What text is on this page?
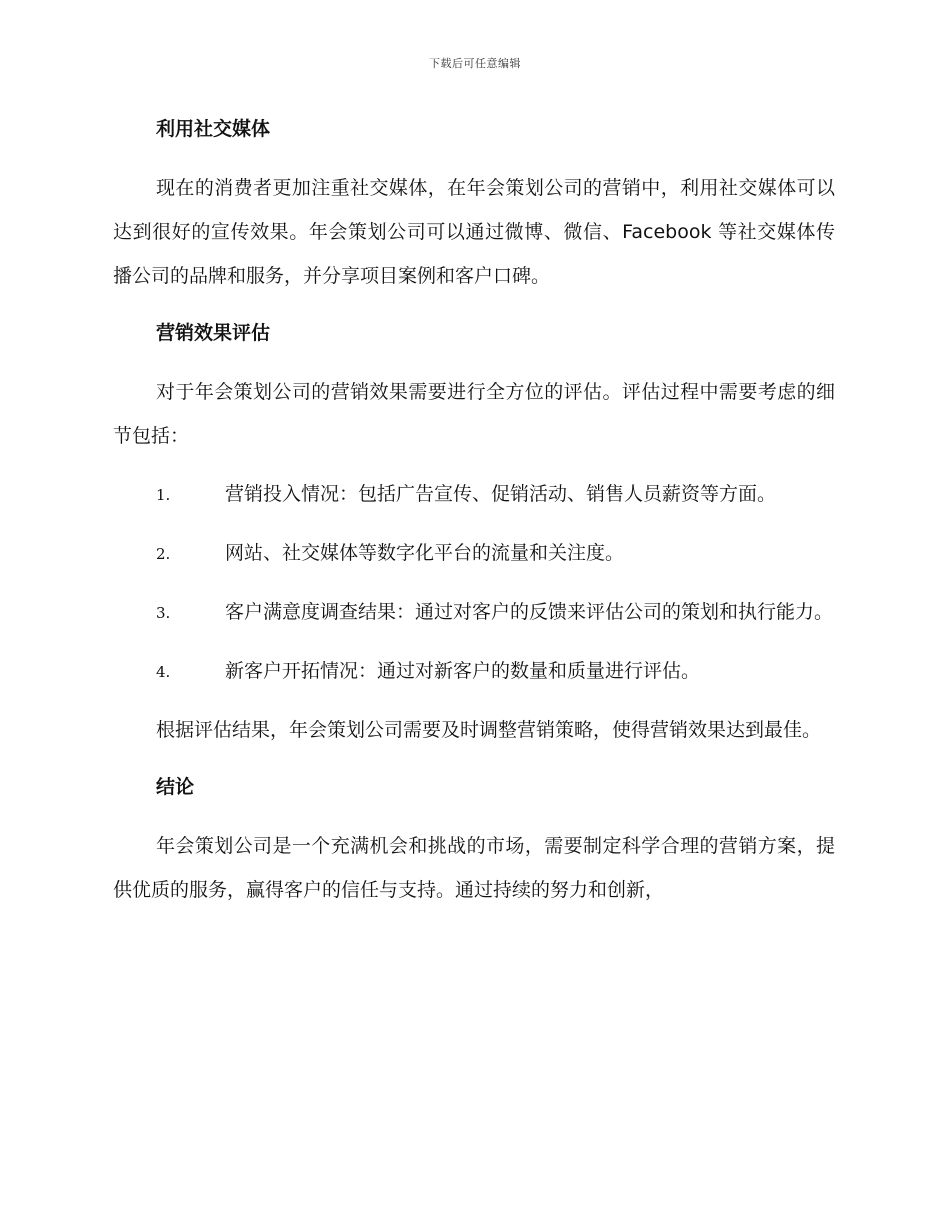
下载后可任意编辑
利用社交媒体

现在的消费者更加注重社交媒体，在年会策划公司的营销中，利用社交媒体可以达到很好的宣传效果。年会策划公司可以通过微博、微信、Facebook 等社交媒体传播公司的品牌和服务，并分享项目案例和客户口碑。

营销效果评估

对于年会策划公司的营销效果需要进行全方位的评估。评估过程中需要考虑的细节包括：

1.	营销投入情况：包括广告宣传、促销活动、销售人员薪资等方面。

2.	网站、社交媒体等数字化平台的流量和关注度。

3.	客户满意度调查结果：通过对客户的反馈来评估公司的策划和执行能力。

4.	新客户开拓情况：通过对新客户的数量和质量进行评估。

根据评估结果，年会策划公司需要及时调整营销策略，使得营销效果达到最佳。

结论

年会策划公司是一个充满机会和挑战的市场，需要制定科学合理的营销方案，提供优质的服务，赢得客户的信任与支持。通过持续的努力和创新，
